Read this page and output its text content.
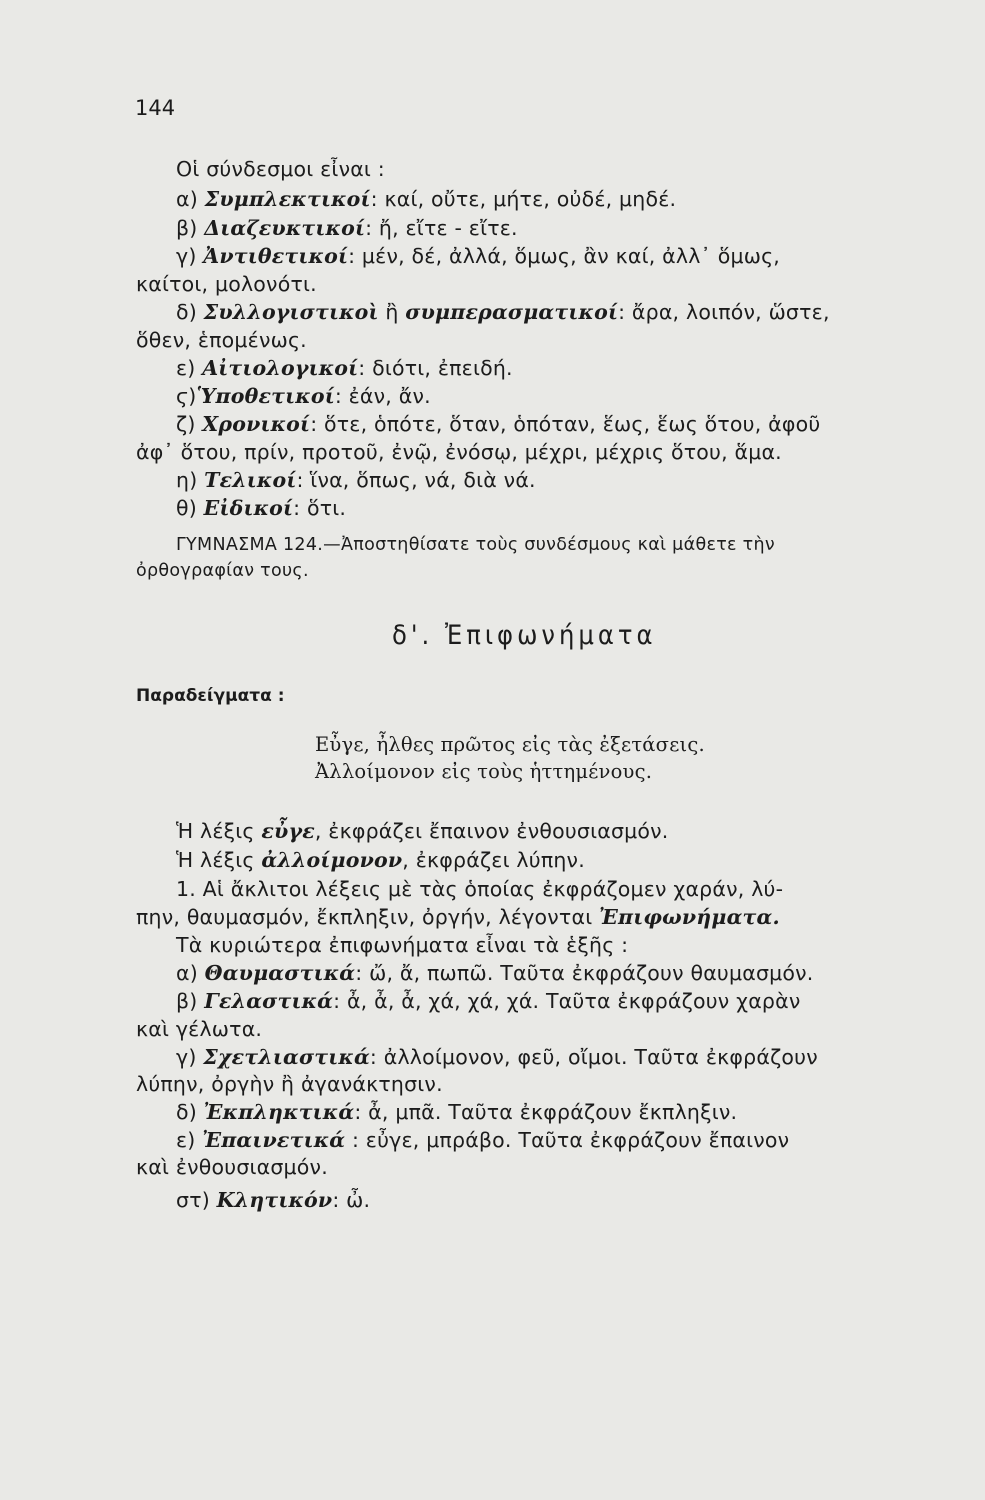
144
Οἱ σύνδεσμοι εἶναι :
α) Συμπλεκτικοί: καί, οὔτε, μήτε, οὐδέ, μηδέ.
β) Διαζευκτικοί: ἤ, εἴτε - εἴτε.
γ) Ἀντιθετικοί: μέν, δέ, ἀλλά, ὅμως, ἂν καί, ἀλλ᾽ ὅμως,
καίτοι, μολονότι.
δ) Συλλογιστικοὶ ἢ συμπερασματικοί: ἄρα, λοιπόν, ὥστε,
ὅθεν, ἑπομένως.
ε) Αἰτιολογικοί: διότι, ἐπειδή.
ϛ)Ὑποθετικοί: ἐάν, ἄν.
ζ) Χρονικοί: ὅτε, ὁπότε, ὅταν, ὁπόταν, ἕως, ἕως ὅτου, ἀφοῦ
ἀφ᾽ ὅτου, πρίν, προτοῦ, ἐνῷ, ἐνόσῳ, μέχρι, μέχρις ὅτου, ἅμα.
η) Τελικοί: ἵνα, ὅπως, νά, διὰ νά.
θ) Εἰδικοί: ὅτι.
ΓΥΜΝΑΣΜΑ 124.—Ἀποστηθίσατε τοὺς συνδέσμους καὶ μάθετε τὴν
ὀρθογραφίαν τους.
δ'. Ἐπιφωνήματα
Παραδείγματα :
Εὖγε, ἦλθες πρῶτος εἰς τὰς ἐξετάσεις.
Ἀλλοίμονον εἰς τοὺς ἡττημένους.
Ἡ λέξις εὖγε, ἐκφράζει ἔπαινον ἐνθουσιασμόν.
Ἡ λέξις ἀλλοίμονον, ἐκφράζει λύπην.
1. Αἱ ἄκλιτοι λέξεις μὲ τὰς ὁποίας ἐκφράζομεν χαράν, λύ-
πην, θαυμασμόν, ἔκπληξιν, ὀργήν, λέγονται Ἐπιφωνήματα.
Τὰ κυριώτερα ἐπιφωνήματα εἶναι τὰ ἑξῆς :
α) Θαυμαστικά: ὤ, ἄ, πωπῶ. Ταῦτα ἐκφράζουν θαυμασμόν.
β) Γελαστικά: ἆ, ἆ, ἆ, χά, χά, χά. Ταῦτα ἐκφράζουν χαρὰν
καὶ γέλωτα.
γ) Σχετλιαστικά: ἀλλοίμονον, φεῦ, οἴμοι. Ταῦτα ἐκφράζουν
λύπην, ὀργὴν ἢ ἀγανάκτησιν.
δ) Ἐκπληκτικά: ἆ, μπᾶ. Ταῦτα ἐκφράζουν ἔκπληξιν.
ε) Ἐπαινετικά : εὖγε, μπράβο. Ταῦτα ἐκφράζουν ἔπαινον
καὶ ἐνθουσιασμόν.
στ) Κλητικόν: ὦ.
